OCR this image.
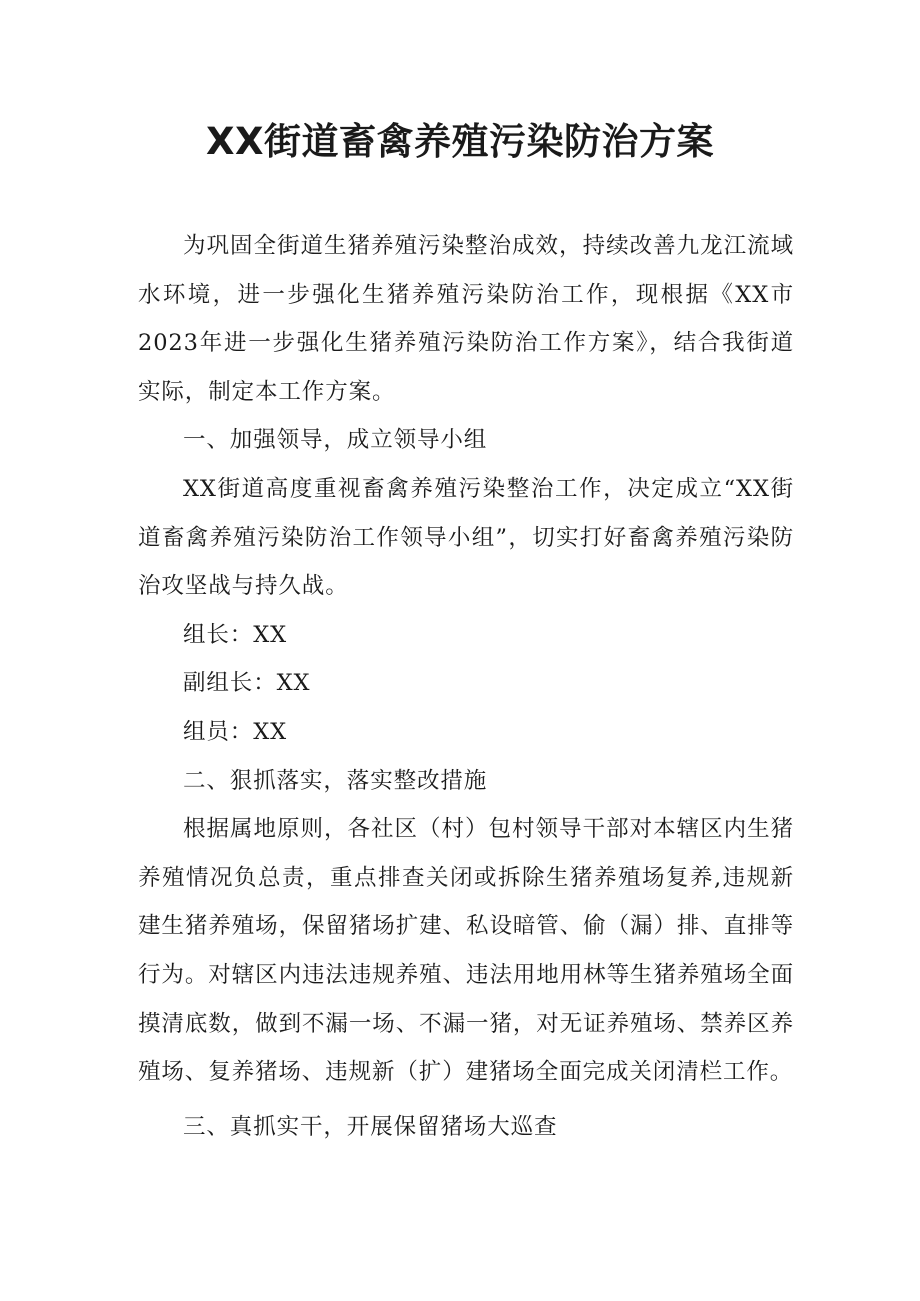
XX街道畜禽养殖污染防治方案

为巩固全街道生猪养殖污染整治成效，持续改善九龙江流域水环境，进一步强化生猪养殖污染防治工作，现根据《XX市2023年进一步强化生猪养殖污染防治工作方案》，结合我街道实际，制定本工作方案。

一、加强领导，成立领导小组

XX街道高度重视畜禽养殖污染整治工作，决定成立“XX街道畜禽养殖污染防治工作领导小组”，切实打好畜禽养殖污染防治攻坚战与持久战。

组长：XX

副组长：XX

组员：XX

二、狠抓落实，落实整改措施

根据属地原则，各社区（村）包村领导干部对本辖区内生猪养殖情况负总责，重点排查关闭或拆除生猪养殖场复养,违规新建生猪养殖场，保留猪场扩建、私设暗管、偷（漏）排、直排等行为。对辖区内违法违规养殖、违法用地用林等生猪养殖场全面摸清底数，做到不漏一场、不漏一猪，对无证养殖场、禁养区养殖场、复养猪场、违规新（扩）建猪场全面完成关闭清栏工作。

三、真抓实干，开展保留猪场大巡查
